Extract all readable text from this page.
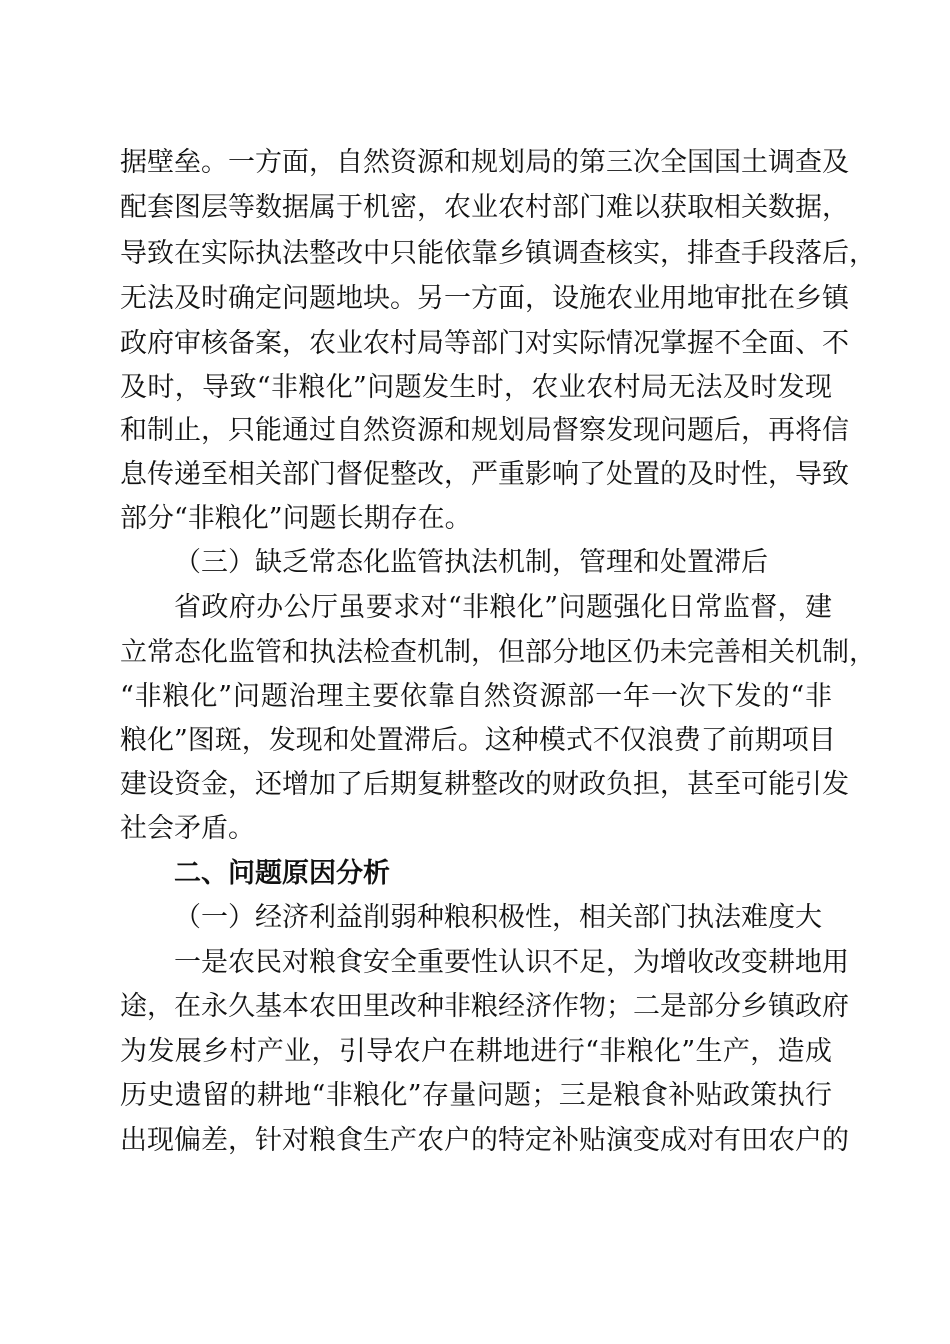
据壁垒。一方面，自然资源和规划局的第三次全国国土调查及
配套图层等数据属于机密，农业农村部门难以获取相关数据，
导致在实际执法整改中只能依靠乡镇调查核实，排查手段落后，
无法及时确定问题地块。另一方面，设施农业用地审批在乡镇
政府审核备案，农业农村局等部门对实际情况掌握不全面、不
及时，导致“非粮化”问题发生时，农业农村局无法及时发现
和制止，只能通过自然资源和规划局督察发现问题后，再将信
息传递至相关部门督促整改，严重影响了处置的及时性，导致
部分“非粮化”问题长期存在。
（三）缺乏常态化监管执法机制，管理和处置滞后
省政府办公厅虽要求对“非粮化”问题强化日常监督，建
立常态化监管和执法检查机制，但部分地区仍未完善相关机制，
“非粮化”问题治理主要依靠自然资源部一年一次下发的“非
粮化”图斑，发现和处置滞后。这种模式不仅浪费了前期项目
建设资金，还增加了后期复耕整改的财政负担，甚至可能引发
社会矛盾。
二、问题原因分析
（一）经济利益削弱种粮积极性，相关部门执法难度大
一是农民对粮食安全重要性认识不足，为增收改变耕地用
途，在永久基本农田里改种非粮经济作物；二是部分乡镇政府
为发展乡村产业，引导农户在耕地进行“非粮化”生产，造成
历史遗留的耕地“非粮化”存量问题；三是粮食补贴政策执行
出现偏差，针对粮食生产农户的特定补贴演变成对有田农户的
